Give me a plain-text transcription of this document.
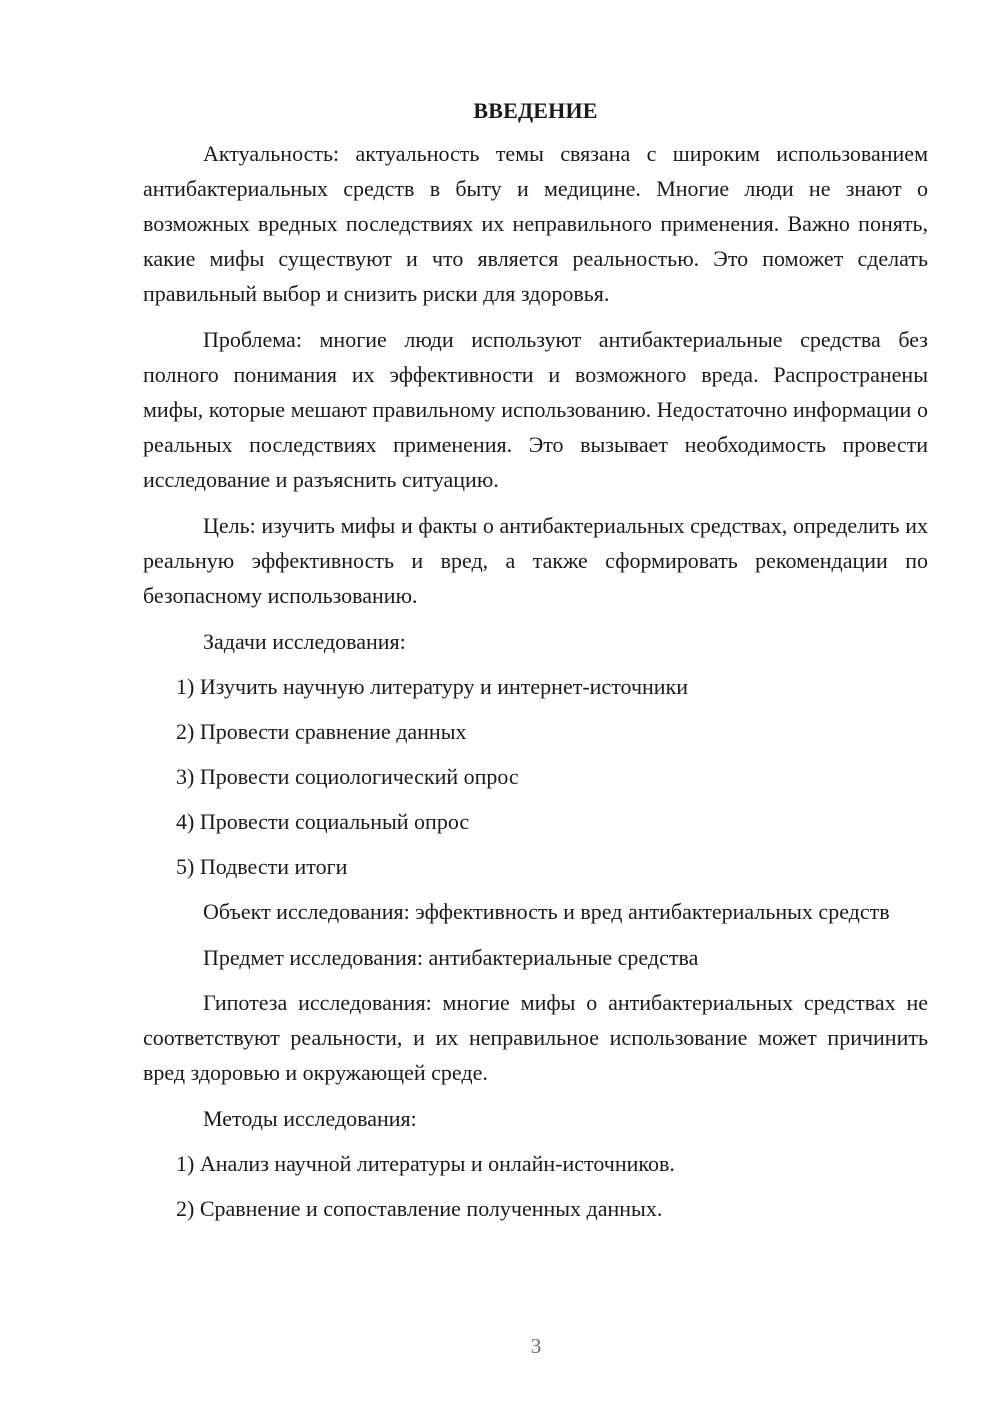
ВВЕДЕНИЕ

Актуальность: актуальность темы связана с широким использованием антибактериальных средств в быту и медицине. Многие люди не знают о возможных вредных последствиях их неправильного применения. Важно понять, какие мифы существуют и что является реальностью. Это поможет сделать правильный выбор и снизить риски для здоровья.

Проблема: многие люди используют антибактериальные средства без полного понимания их эффективности и возможного вреда. Распространены мифы, которые мешают правильному использованию. Недостаточно информации о реальных последствиях применения. Это вызывает необходимость провести исследование и разъяснить ситуацию.

Цель: изучить мифы и факты о антибактериальных средствах, определить их реальную эффективность и вред, а также сформировать рекомендации по безопасному использованию.

Задачи исследования:
1) Изучить научную литературу и интернет-источники
2) Провести сравнение данных
3) Провести социологический опрос
4) Провести социальный опрос
5) Подвести итоги

Объект исследования: эффективность и вред антибактериальных средств

Предмет исследования: антибактериальные средства

Гипотеза исследования: многие мифы о антибактериальных средствах не соответствуют реальности, и их неправильное использование может причинить вред здоровью и окружающей среде.

Методы исследования:
1) Анализ научной литературы и онлайн-источников.
2) Сравнение и сопоставление полученных данных.
3
